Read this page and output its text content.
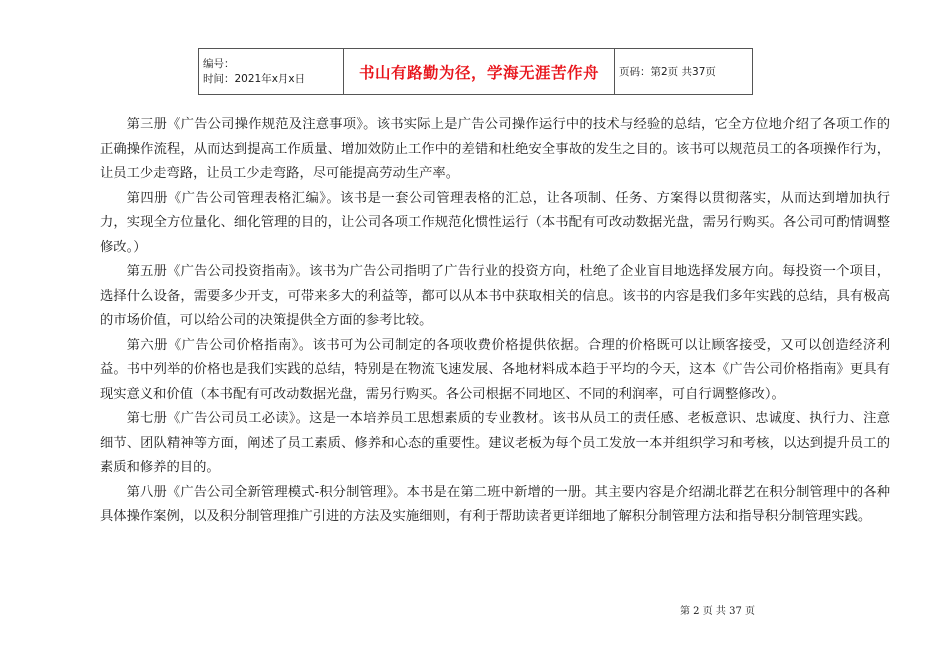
编号：
时间：2021年x月x日	书山有路勤为径，学海无涯苦作舟	页码：第2页 共37页

第三册《广告公司操作规范及注意事项》。该书实际上是广告公司操作运行中的技术与经验的总结，它全方位地介绍了各项工作的正确操作流程，从而达到提高工作质量、增加效防止工作中的差错和杜绝安全事故的发生之目的。该书可以规范员工的各项操作行为，让员工少走弯路，让员工少走弯路，尽可能提高劳动生产率。

第四册《广告公司管理表格汇编》。该书是一套公司管理表格的汇总，让各项制、任务、方案得以贯彻落实，从而达到增加执行力，实现全方位量化、细化管理的目的，让公司各项工作规范化惯性运行（本书配有可改动数据光盘，需另行购买。各公司可酌情调整修改。）

第五册《广告公司投资指南》。该书为广告公司指明了广告行业的投资方向，杜绝了企业盲目地选择发展方向。每投资一个项目，选择什么设备，需要多少开支，可带来多大的利益等，都可以从本书中获取相关的信息。该书的内容是我们多年实践的总结，具有极高的市场价值，可以给公司的决策提供全方面的参考比较。

第六册《广告公司价格指南》。该书可为公司制定的各项收费价格提供依据。合理的价格既可以让顾客接受，又可以创造经济利益。书中列举的价格也是我们实践的总结，特别是在物流飞速发展、各地材料成本趋于平均的今天，这本《广告公司价格指南》更具有现实意义和价值（本书配有可改动数据光盘，需另行购买。各公司根据不同地区、不同的利润率，可自行调整修改）。

第七册《广告公司员工必读》。这是一本培养员工思想素质的专业教材。该书从员工的责任感、老板意识、忠诚度、执行力、注意细节、团队精神等方面，阐述了员工素质、修养和心态的重要性。建议老板为每个员工发放一本并组织学习和考核，以达到提升员工的素质和修养的目的。

第八册《广告公司全新管理模式-积分制管理》。本书是在第二班中新增的一册。其主要内容是介绍湖北群艺在积分制管理中的各种具体操作案例，以及积分制管理推广引进的方法及实施细则，有利于帮助读者更详细地了解积分制管理方法和指导积分制管理实践。

第 2 页 共 37 页
